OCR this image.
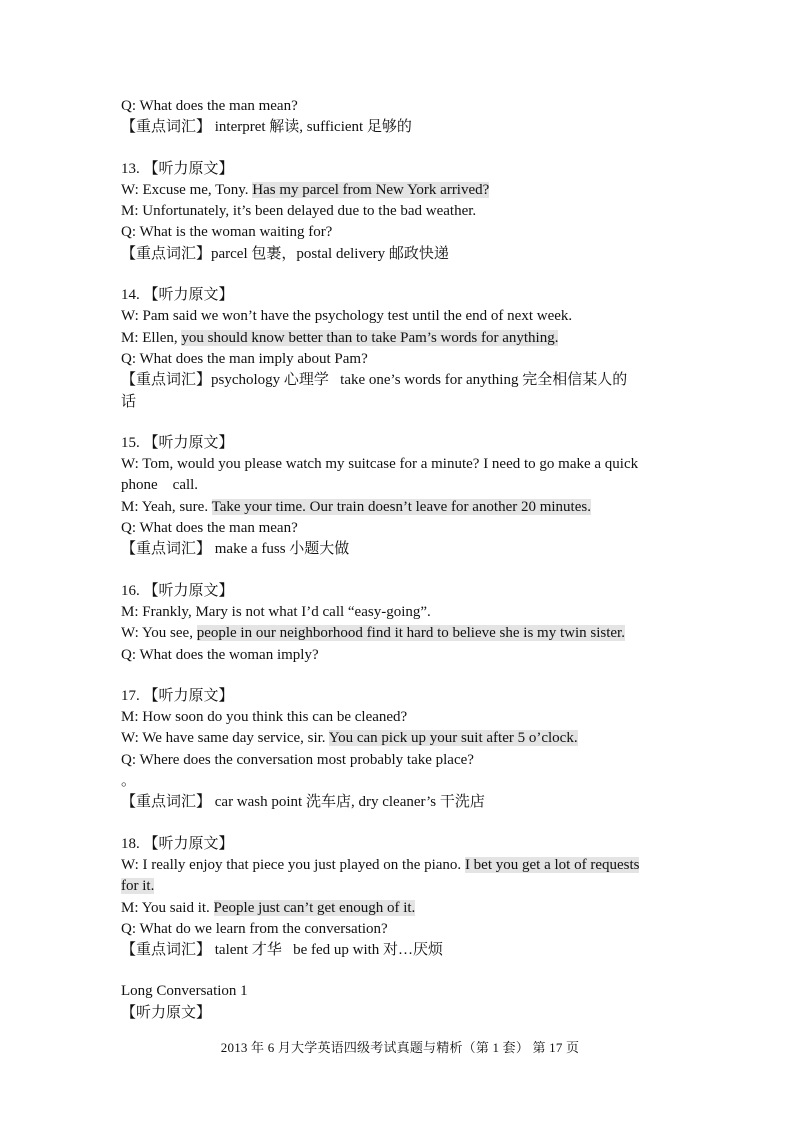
Q: What does the man mean?
【重点词汇】 interpret 解读, sufficient 足够的
13. 【听力原文】
W: Excuse me, Tony. Has my parcel from New York arrived?
M: Unfortunately, it’s been delayed due to the bad weather.
Q: What is the woman waiting for?
【重点词汇】parcel 包裹，postal delivery 邮政快递
14. 【听力原文】
W: Pam said we won’t have the psychology test until the end of next week.
M: Ellen, you should know better than to take Pam’s words for anything.
Q: What does the man imply about Pam?
【重点词汇】psychology 心理学   take one’s words for anything 完全相信某人的
话
15. 【听力原文】
W: Tom, would you please watch my suitcase for a minute? I need to go make a quick
phone    call.
M: Yeah, sure. Take your time. Our train doesn’t leave for another 20 minutes.
Q: What does the man mean?
【重点词汇】 make a fuss 小题大做
16. 【听力原文】
M: Frankly, Mary is not what I’d call “easy-going”.
W: You see, people in our neighborhood find it hard to believe she is my twin sister.
Q: What does the woman imply?
17. 【听力原文】
M: How soon do you think this can be cleaned?
W: We have same day service, sir. You can pick up your suit after 5 o’clock.
Q: Where does the conversation most probably take place?
。
【重点词汇】 car wash point 洗车店, dry cleaner’s 干洗店
18. 【听力原文】
W: I really enjoy that piece you just played on the piano. I bet you get a lot of requests
for it.
M: You said it. People just can’t get enough of it.
Q: What do we learn from the conversation?
【重点词汇】 talent 才华   be fed up with 对…厌烦
Long Conversation 1
【听力原文】
2013 年 6 月大学英语四级考试真题与精析（第 1 套） 第 17 页
